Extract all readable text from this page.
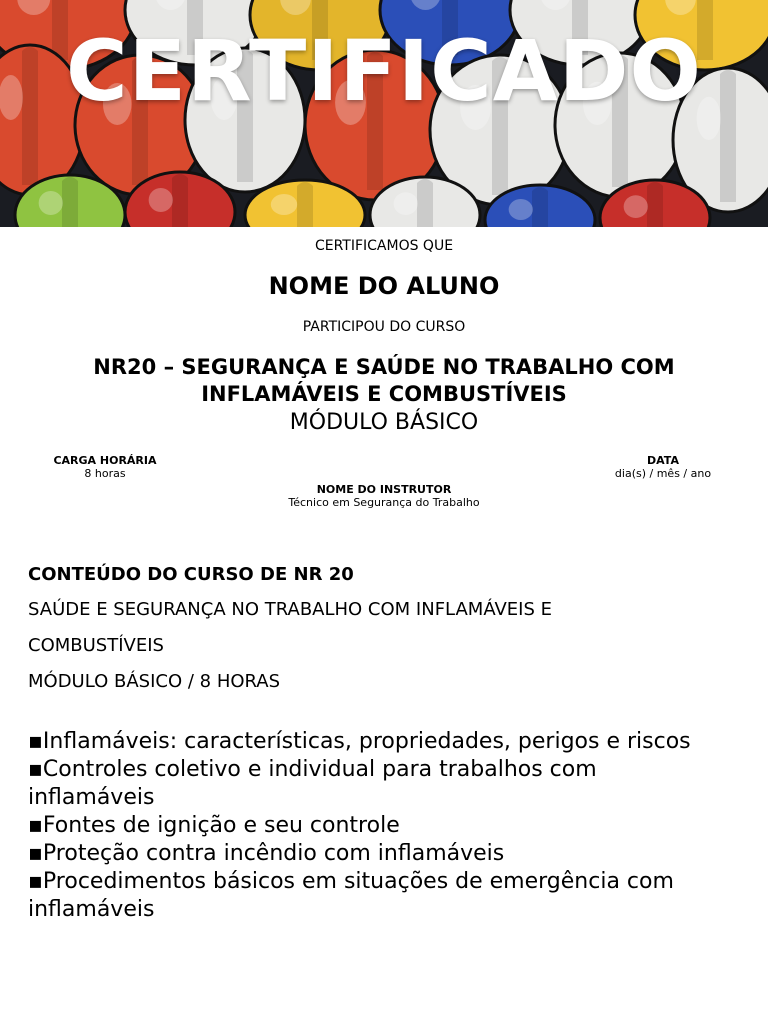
CERTIFICADO
CERTIFICAMOS QUE
NOME DO ALUNO
PARTICIPOU DO CURSO
NR20 – SEGURANÇA E SAÚDE NO TRABALHO COM
INFLAMÁVEIS E COMBUSTÍVEIS
MÓDULO BÁSICO
CARGA HORÁRIA
8 horas
DATA
dia(s) / mês / ano
NOME DO INSTRUTOR
Técnico em Segurança do Trabalho
CONTEÚDO DO CURSO DE NR 20
SAÚDE E SEGURANÇA NO TRABALHO COM INFLAMÁVEIS E
COMBUSTÍVEIS
MÓDULO BÁSICO / 8 HORAS
▪ Inflamáveis: características, propriedades, perigos e riscos
▪ Controles coletivo e individual para trabalhos com inflamáveis
▪ Fontes de ignição e seu controle
▪ Proteção contra incêndio com inflamáveis
▪ Procedimentos básicos em situações de emergência com inflamáveis
